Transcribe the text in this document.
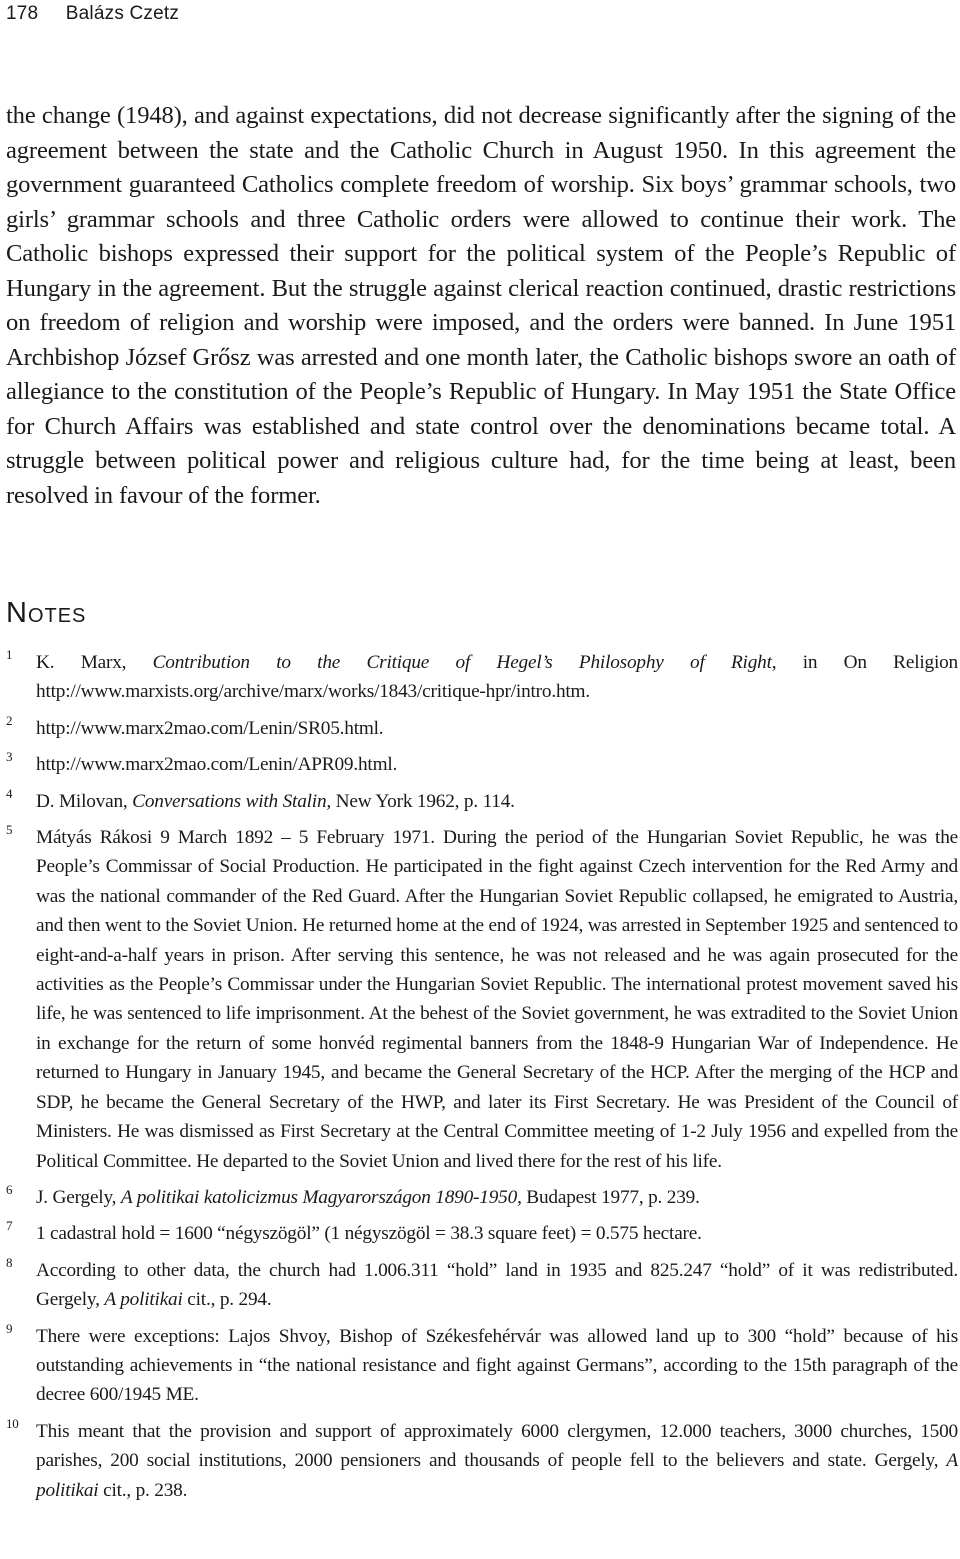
178 Balázs Czetz
the change (1948), and against expectations, did not decrease significantly after the signing of the agreement between the state and the Catholic Church in August 1950. In this agreement the government guaranteed Catholics complete freedom of worship. Six boys’ grammar schools, two girls’ grammar schools and three Catholic orders were allowed to continue their work. The Catholic bishops expressed their support for the political system of the People’s Republic of Hungary in the agreement. But the struggle against clerical reaction continued, drastic restrictions on freedom of religion and worship were imposed, and the orders were banned. In June 1951 Archbishop József Grősz was arrested and one month later, the Catholic bishops swore an oath of allegiance to the constitution of the People’s Republic of Hungary. In May 1951 the State Office for Church Affairs was established and state control over the denominations became total. A struggle between political power and religious culture had, for the time being at least, been resolved in favour of the former.
Notes
1	K. Marx, Contribution to the Critique of Hegel’s Philosophy of Right, in On Religion http://www.marxists.org/archive/marx/works/1843/critique-hpr/intro.htm.
2	http://www.marx2mao.com/Lenin/SR05.html.
3	http://www.marx2mao.com/Lenin/APR09.html.
4	D. Milovan, Conversations with Stalin, New York 1962, p. 114.
5	Mátyás Rákosi 9 March 1892 – 5 February 1971. During the period of the Hungarian Soviet Republic, he was the People’s Commissar of Social Production. He participated in the fight against Czech intervention for the Red Army and was the national commander of the Red Guard. After the Hungarian Soviet Republic collapsed, he emigrated to Austria, and then went to the Soviet Union. He returned home at the end of 1924, was arrested in September 1925 and sentenced to eight-and-a-half years in prison. After serving this sentence, he was not released and he was again prosecuted for the activities as the People’s Commissar under the Hungarian Soviet Republic. The international protest movement saved his life, he was sentenced to life imprisonment. At the behest of the Soviet government, he was extradited to the Soviet Union in exchange for the return of some honvéd regimental banners from the 1848-9 Hungarian War of Independence. He returned to Hungary in January 1945, and became the General Secretary of the HCP. After the merging of the HCP and SDP, he became the General Secretary of the HWP, and later its First Secretary. He was President of the Council of Ministers. He was dismissed as First Secretary at the Central Committee meeting of 1-2 July 1956 and expelled from the Political Committee. He departed to the Soviet Union and lived there for the rest of his life.
6	J. Gergely, A politikai katolicizmus Magyarországon 1890-1950, Budapest 1977, p. 239.
7	1 cadastral hold = 1600 “négyszögöl” (1 négyszögöl = 38.3 square feet) = 0.575 hectare.
8	According to other data, the church had 1.006.311 “hold” land in 1935 and 825.247 “hold” of it was redistributed. Gergely, A politikai cit., p. 294.
9	There were exceptions: Lajos Shvoy, Bishop of Székesfehérvár was allowed land up to 300 “hold” because of his outstanding achievements in “the national resistance and fight against Germans”, according to the 15th paragraph of the decree 600/1945 ME.
10 This meant that the provision and support of approximately 6000 clergymen, 12.000 teachers, 3000 churches, 1500 parishes, 200 social institutions, 2000 pensioners and thousands of people fell to the believers and state. Gergely, A politikai cit., p. 238.
